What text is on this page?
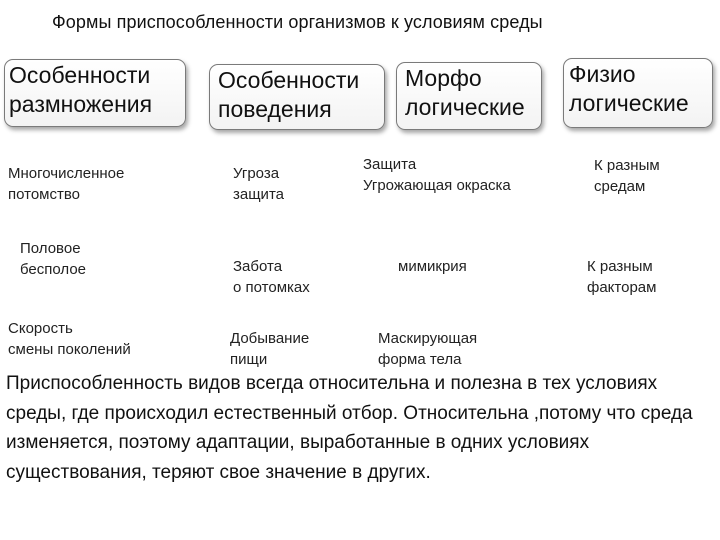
Формы приспособленности организмов к условиям среды
Особенности
размножения
Особенности
поведения
Морфо
логические
Физио
логические
Многочисленное
потомство
Половое
бесполое
Скорость
смены поколений
Угроза
защита
Забота
о потомках
Добывание
пищи
Защита
Угрожающая окраска
мимикрия
Маскирующая
форма тела
К разным
средам
К разным
факторам
Приспособленность видов всегда относительна и полезна в тех условиях среды, где происходил естественный отбор. Относительна ,потому что среда изменяется, поэтому адаптации, выработанные в одних условиях существования, теряют свое значение в других.
